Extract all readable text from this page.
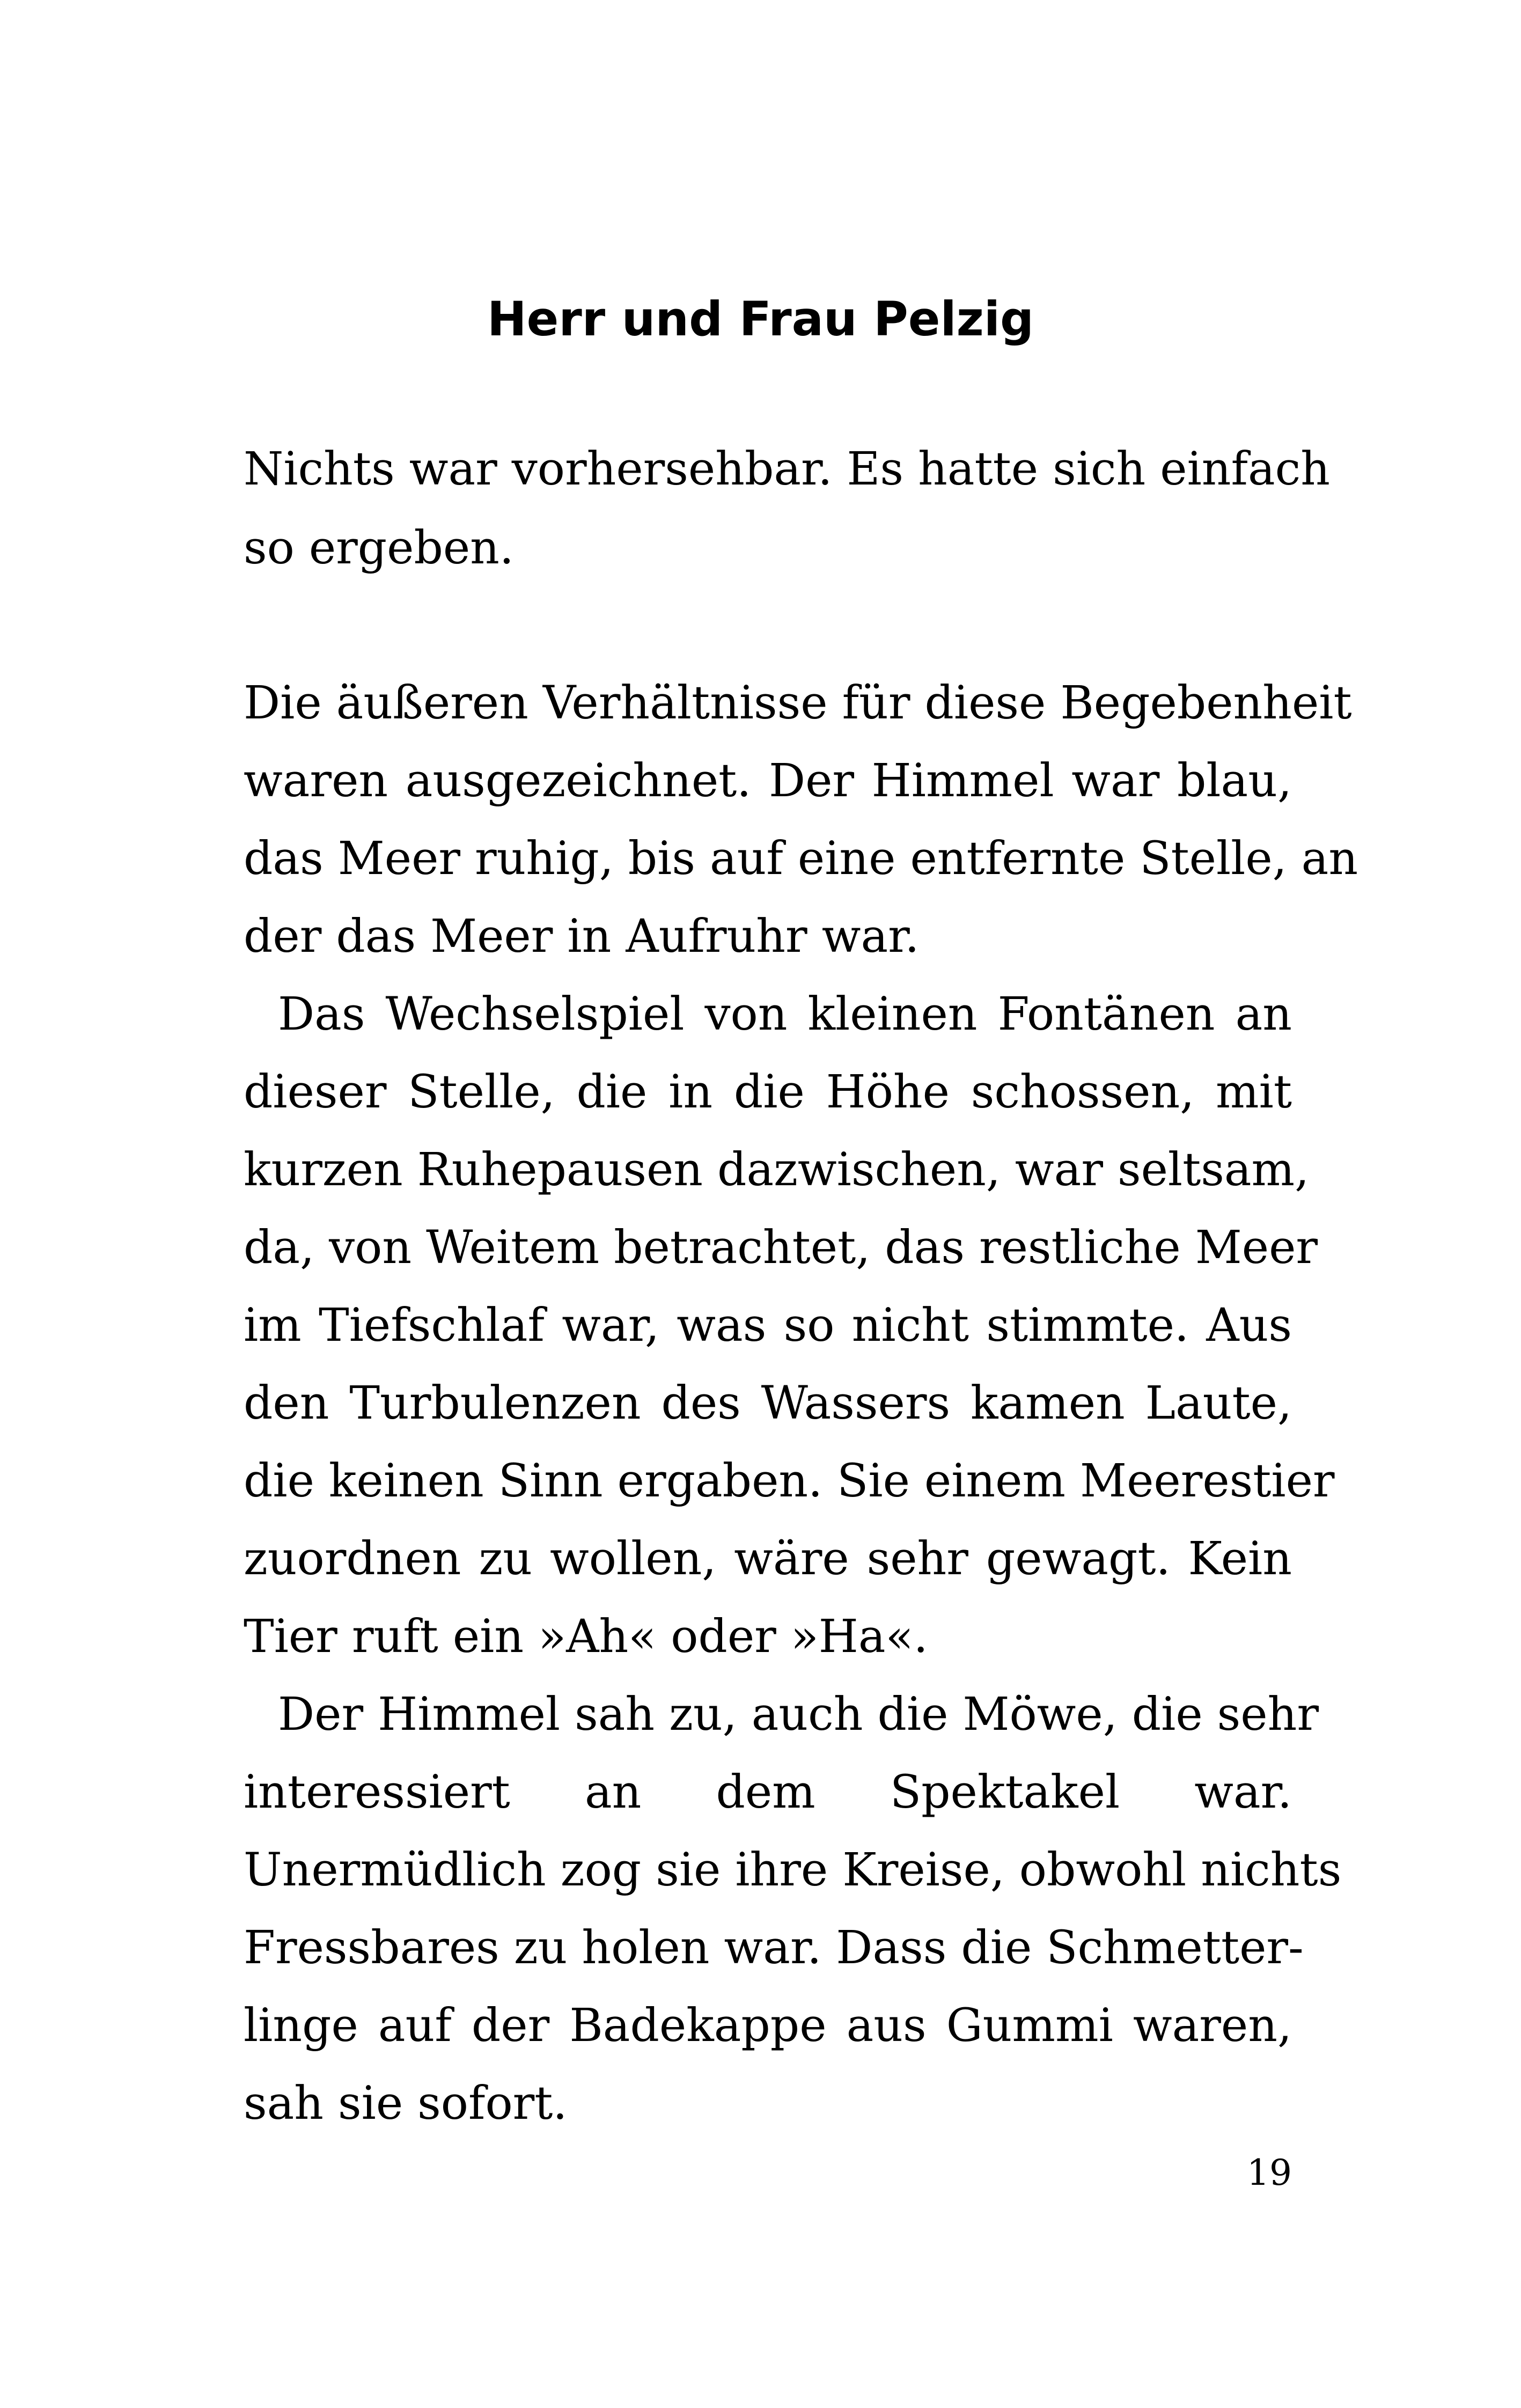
Herr und Frau Pelzig
Nichts war vorhersehbar. Es hatte sich einfach
so ergeben.
Die äußeren Verhältnisse für diese Begebenheit
waren ausgezeichnet. Der Himmel war blau,
das Meer ruhig, bis auf eine entfernte Stelle, an
der das Meer in Aufruhr war.
Das Wechselspiel von kleinen Fontänen an
dieser Stelle, die in die Höhe schossen, mit
kurzen Ruhepausen dazwischen, war seltsam,
da, von Weitem betrachtet, das restliche Meer
im Tiefschlaf war, was so nicht stimmte. Aus
den Turbulenzen des Wassers kamen Laute,
die keinen Sinn ergaben. Sie einem Meerestier
zuordnen zu wollen, wäre sehr gewagt. Kein
Tier ruft ein »Ah« oder »Ha«.
Der Himmel sah zu, auch die Möwe, die sehr
interessiert an dem Spektakel war.
Unermüdlich zog sie ihre Kreise, obwohl nichts
Fressbares zu holen war. Dass die Schmetter-
linge auf der Badekappe aus Gummi waren,
sah sie sofort.
19
